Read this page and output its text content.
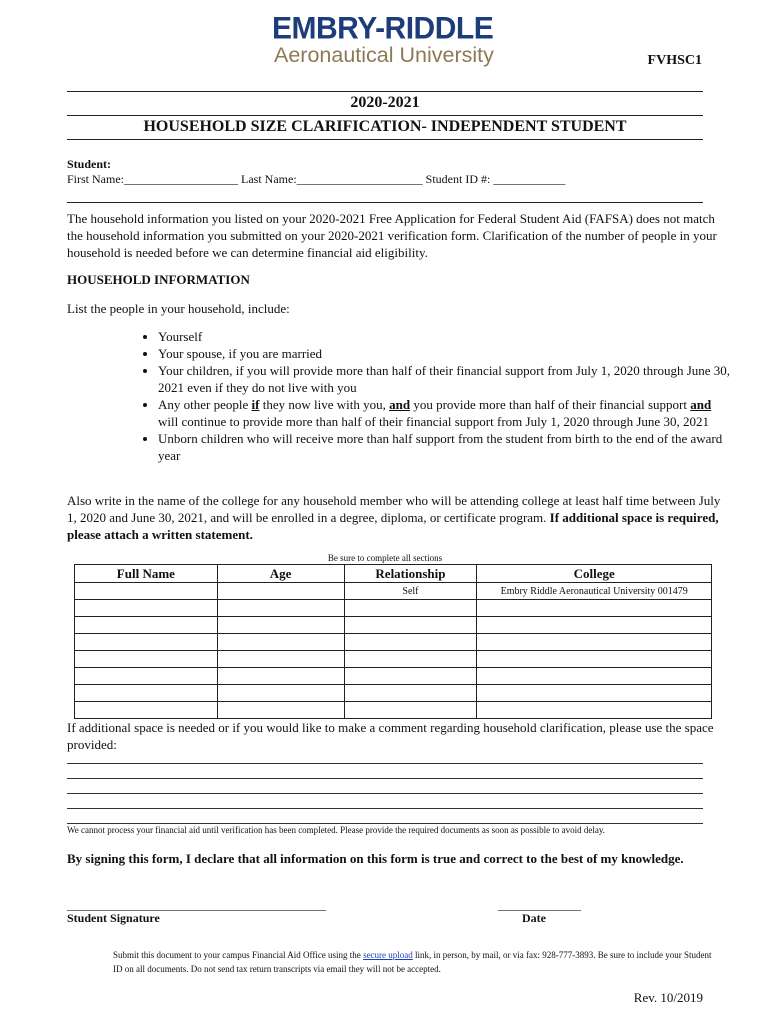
EMBRY-RIDDLE
Aeronautical University	FVHSC1
2020-2021
HOUSEHOLD SIZE CLARIFICATION- INDEPENDENT STUDENT
Student:
First Name:___________________ Last Name:_____________________ Student ID #: ____________
The household information you listed on your 2020-2021 Free Application for Federal Student Aid (FAFSA) does not match the household information you submitted on your 2020-2021 verification form. Clarification of the number of people in your household is needed before we can determine financial aid eligibility.
HOUSEHOLD INFORMATION
List the people in your household, include:
• Yourself
• Your spouse, if you are married
• Your children, if you will provide more than half of their financial support from July 1, 2020 through June 30, 2021 even if they do not live with you
• Any other people if they now live with you, and you provide more than half of their financial support and will continue to provide more than half of their financial support from July 1, 2020 through June 30, 2021
• Unborn children who will receive more than half support from the student from birth to the end of the award year
Also write in the name of the college for any household member who will be attending college at least half time between July 1, 2020 and June 30, 2021, and will be enrolled in a degree, diploma, or certificate program. If additional space is required, please attach a written statement.
Be sure to complete all sections
Full Name	Age	Relationship	College
		Self	Embry Riddle Aeronautical University 001479

If additional space is needed or if you would like to make a comment regarding household clarification, please use the space provided:
We cannot process your financial aid until verification has been completed. Please provide the required documents as soon as possible to avoid delay.
By signing this form, I declare that all information on this form is true and correct to the best of my knowledge.
_______________________________________________	_______________
Student Signature	Date
Submit this document to your campus Financial Aid Office using the secure upload link, in person, by mail, or via fax: 928-777-3893. Be sure to include your Student ID on all documents. Do not send tax return transcripts via email they will not be accepted.
Rev. 10/2019
